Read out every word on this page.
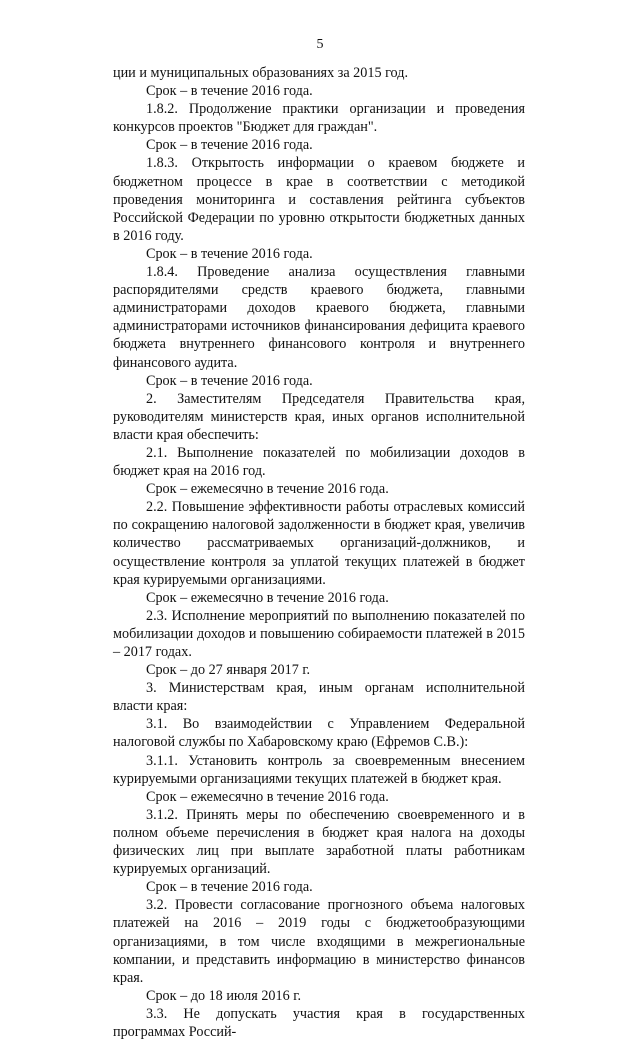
5

ции и муниципальных образованиях за 2015 год.

Срок – в течение 2016 года.

1.8.2. Продолжение практики организации и проведения конкурсов проектов "Бюджет для граждан".

Срок – в течение 2016 года.

1.8.3. Открытость информации о краевом бюджете и бюджетном процессе в крае в соответствии с методикой проведения мониторинга и составления рейтинга субъектов Российской Федерации по уровню открытости бюджетных данных в 2016 году.

Срок – в течение 2016 года.

1.8.4. Проведение анализа осуществления главными распорядителями средств краевого бюджета, главными администраторами доходов краевого бюджета, главными администраторами источников финансирования дефицита краевого бюджета внутреннего финансового контроля и внутреннего финансового аудита.

Срок – в течение 2016 года.

2. Заместителям Председателя Правительства края, руководителям министерств края, иных органов исполнительной власти края обеспечить:

2.1. Выполнение показателей по мобилизации доходов в бюджет края на 2016 год.

Срок – ежемесячно в течение 2016 года.

2.2. Повышение эффективности работы отраслевых комиссий по сокращению налоговой задолженности в бюджет края, увеличив количество рассматриваемых организаций-должников, и осуществление контроля за уплатой текущих платежей в бюджет края курируемыми организациями.

Срок – ежемесячно в течение 2016 года.

2.3. Исполнение мероприятий по выполнению показателей по мобилизации доходов и повышению собираемости платежей в 2015 – 2017 годах.

Срок – до 27 января 2017 г.

3. Министерствам края, иным органам исполнительной власти края:

3.1. Во взаимодействии с Управлением Федеральной налоговой службы по Хабаровскому краю (Ефремов С.В.):

3.1.1. Установить контроль за своевременным внесением курируемыми организациями текущих платежей в бюджет края.

Срок – ежемесячно в течение 2016 года.

3.1.2. Принять меры по обеспечению своевременного и в полном объеме перечисления в бюджет края налога на доходы физических лиц при выплате заработной платы работникам курируемых организаций.

Срок – в течение 2016 года.

3.2. Провести согласование прогнозного объема налоговых платежей на 2016 – 2019 годы с бюджетообразующими организациями, в том числе входящими в межрегиональные компании, и представить информацию в министерство финансов края.

Срок – до 18 июля 2016 г.

3.3. Не допускать участия края в государственных программах Россий-
